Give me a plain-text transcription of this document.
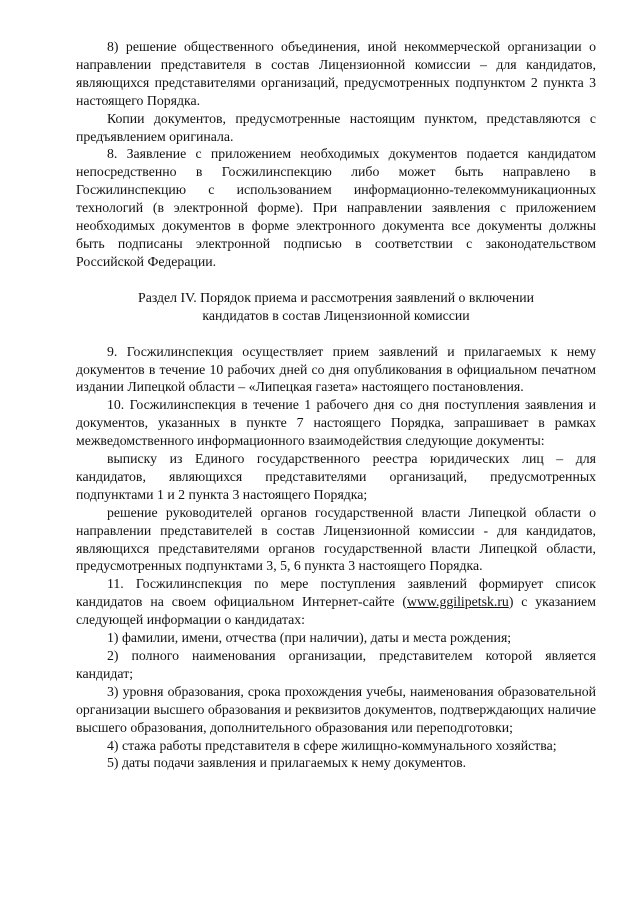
8) решение общественного объединения, иной некоммерческой организации о направлении представителя в состав Лицензионной комиссии – для кандидатов, являющихся представителями организаций, предусмотренных подпунктом 2 пункта 3 настоящего Порядка.

Копии документов, предусмотренные настоящим пунктом, представляются с предъявлением оригинала.

8. Заявление с приложением необходимых документов подается кандидатом непосредственно в Госжилинспекцию либо может быть направлено в Госжилинспекцию с использованием информационно-телекоммуникационных технологий (в электронной форме). При направлении заявления с приложением необходимых документов в форме электронного документа все документы должны быть подписаны электронной подписью в соответствии с законодательством Российской Федерации.

Раздел IV. Порядок приема и рассмотрения заявлений о включении
кандидатов в состав Лицензионной комиссии

9. Госжилинспекция осуществляет прием заявлений и прилагаемых к нему документов в течение 10 рабочих дней со дня опубликования в официальном печатном издании Липецкой области – «Липецкая газета» настоящего постановления.

10. Госжилинспекция в течение 1 рабочего дня со дня поступления заявления и документов, указанных в пункте 7 настоящего Порядка, запрашивает в рамках межведомственного информационного взаимодействия следующие документы:

выписку из Единого государственного реестра юридических лиц – для кандидатов, являющихся представителями организаций, предусмотренных подпунктами 1 и 2 пункта 3 настоящего Порядка;

решение руководителей органов государственной власти Липецкой области о направлении представителей в состав Лицензионной комиссии - для кандидатов, являющихся представителями органов государственной власти Липецкой области, предусмотренных подпунктами 3, 5, 6 пункта 3 настоящего Порядка.

11. Госжилинспекция по мере поступления заявлений формирует список кандидатов на своем официальном Интернет-сайте (www.ggilipetsk.ru) с указанием следующей информации о кандидатах:

1) фамилии, имени, отчества (при наличии), даты и места рождения;

2) полного наименования организации, представителем которой является кандидат;

3) уровня образования, срока прохождения учебы, наименования образовательной организации высшего образования и реквизитов документов, подтверждающих наличие высшего образования, дополнительного образования или переподготовки;

4) стажа работы представителя в сфере жилищно-коммунального хозяйства;

5) даты подачи заявления и прилагаемых к нему документов.
